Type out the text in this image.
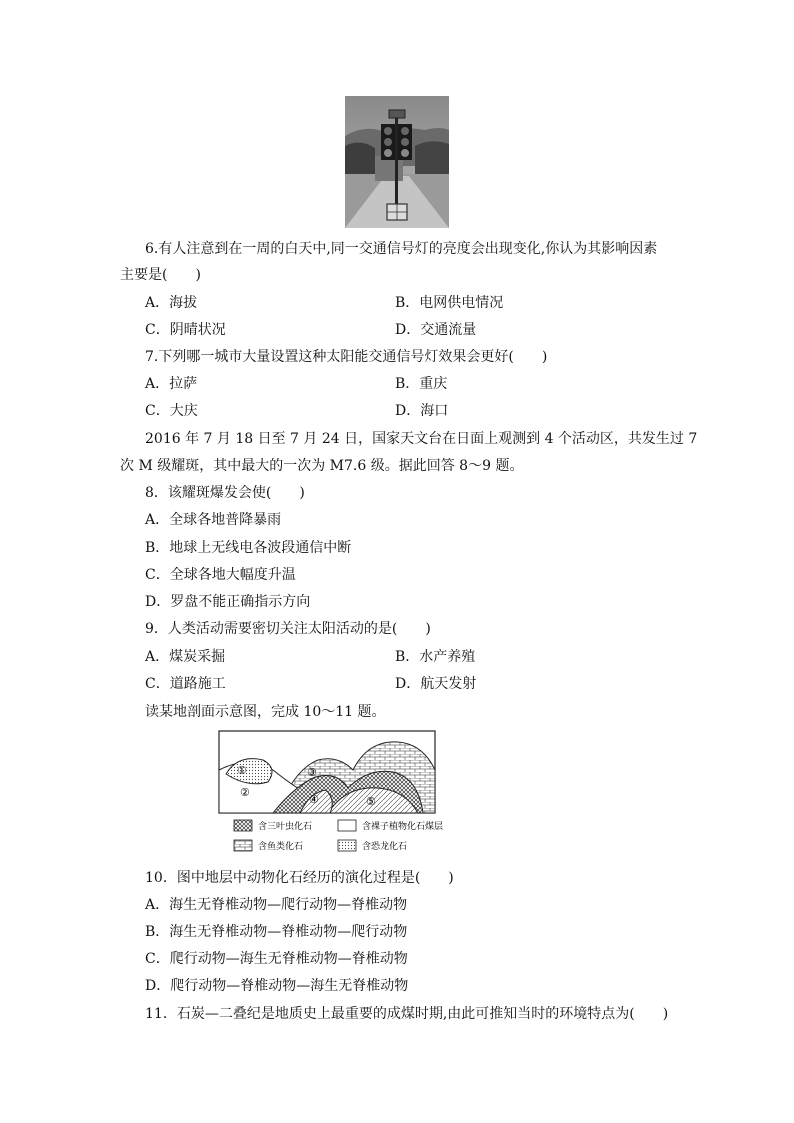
6.有人注意到在一周的白天中,同一交通信号灯的亮度会出现变化,你认为其影响因素
主要是(　　)
A．海拔	B．电网供电情况
C．阴晴状况	D．交通流量
7.下列哪一城市大量设置这种太阳能交通信号灯效果会更好(　　)
A．拉萨	B．重庆
C．大庆	D．海口
2016 年 7 月 18 日至 7 月 24 日，国家天文台在日面上观测到 4 个活动区，共发生过 7
次 M 级耀斑，其中最大的一次为 M7.6 级。据此回答 8～9 题。
8．该耀斑爆发会使(　　)
A．全球各地普降暴雨
B．地球上无线电各波段通信中断
C．全球各地大幅度升温
D．罗盘不能正确指示方向
9．人类活动需要密切关注太阳活动的是(　　)
A．煤炭采掘	B．水产养殖
C．道路施工	D．航天发射
读某地剖面示意图，完成 10～11 题。
①
②
③
④	⑤
含三叶虫化石	含裸子植物化石煤层
含鱼类化石	含恐龙化石
10．图中地层中动物化石经历的演化过程是(　　)
A．海生无脊椎动物—爬行动物—脊椎动物
B．海生无脊椎动物—脊椎动物—爬行动物
C．爬行动物—海生无脊椎动物—脊椎动物
D．爬行动物—脊椎动物—海生无脊椎动物
11．石炭—二叠纪是地质史上最重要的成煤时期,由此可推知当时的环境特点为(　　)
